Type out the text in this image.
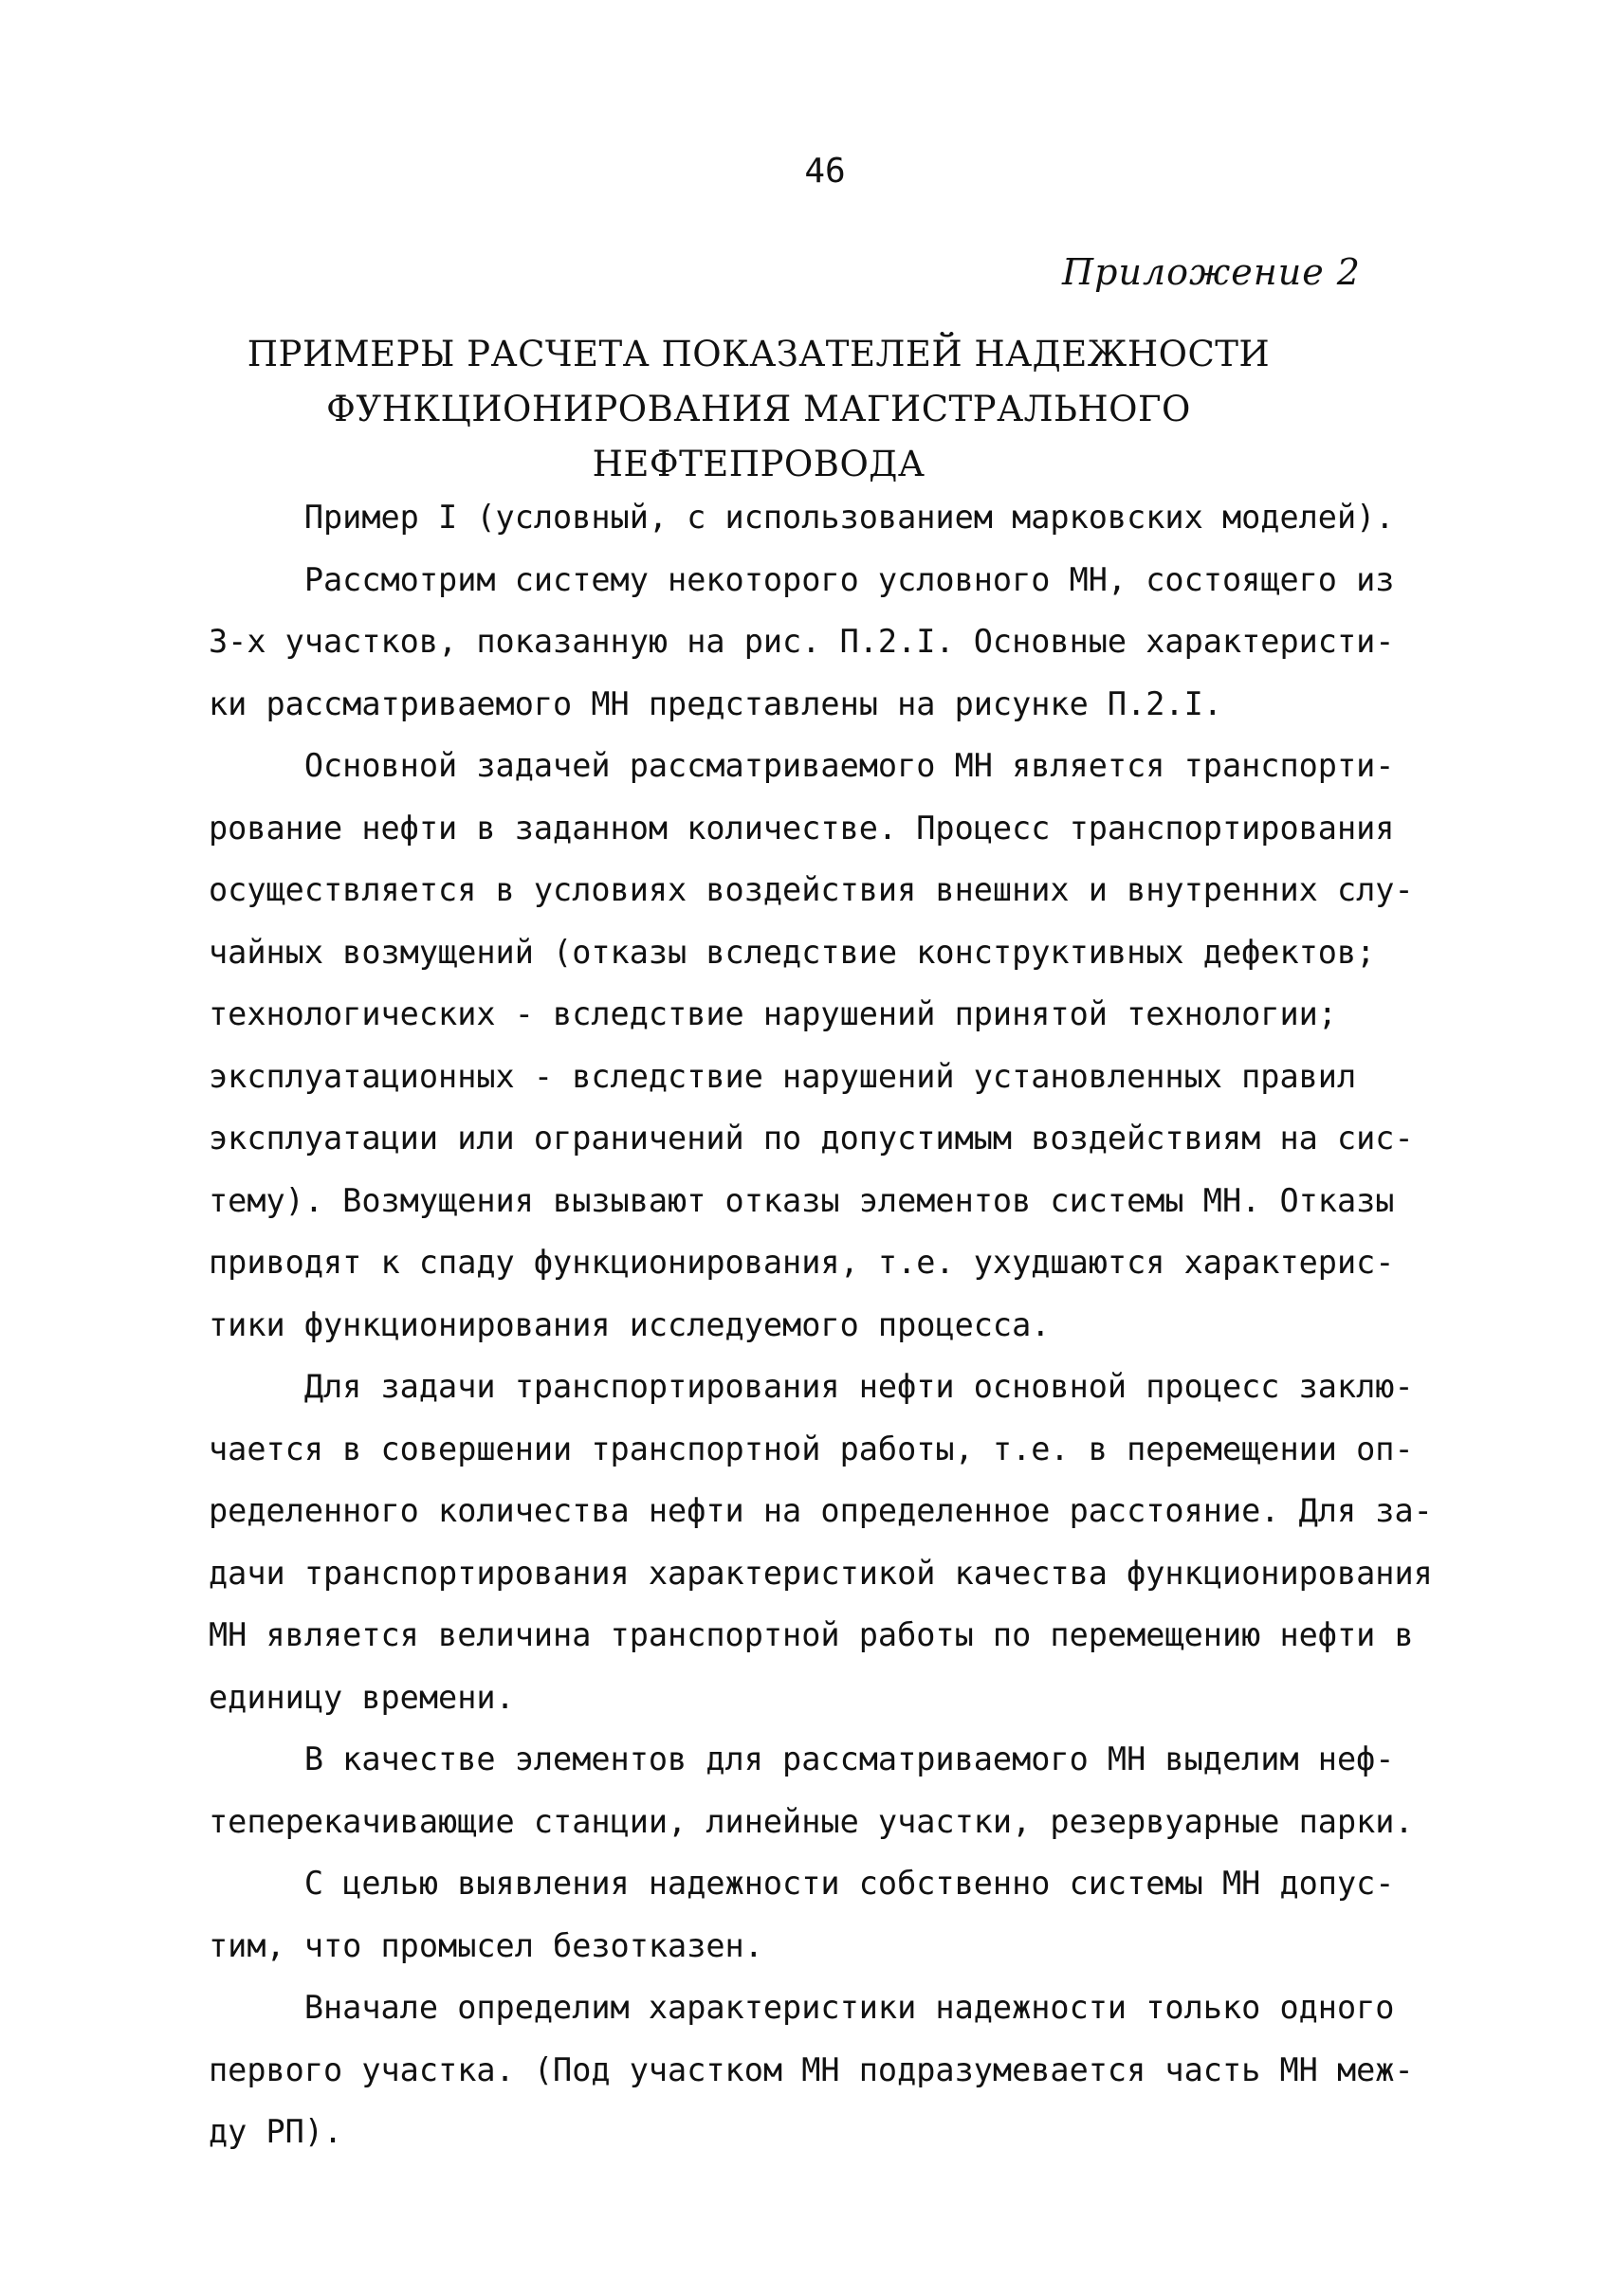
46
Приложение 2
ПРИМЕРЫ РАСЧЕТА ПОКАЗАТЕЛЕЙ НАДЕЖНОСТИ
ФУНКЦИОНИРОВАНИЯ МАГИСТРАЛЬНОГО НЕФТЕПРОВОДА
Пример I (условный, с использованием марковских моделей).
Рассмотрим систему некоторого условного МН, состоящего из
3-х участков, показанную на рис. П.2.I. Основные характеристи-
ки рассматриваемого МН представлены на рисунке П.2.I.
Основной задачей рассматриваемого МН является транспорти-
рование нефти в заданном количестве. Процесс транспортирования
осуществляется в условиях воздействия внешних и внутренних слу-
чайных возмущений (отказы вследствие конструктивных дефектов;
технологических - вследствие нарушений принятой технологии;
эксплуатационных - вследствие нарушений установленных правил
эксплуатации или ограничений по допустимым воздействиям на сис-
тему). Возмущения вызывают отказы элементов системы МН. Отказы
приводят к спаду функционирования, т.е. ухудшаются характерис-
тики функционирования исследуемого процесса.
Для задачи транспортирования нефти основной процесс заклю-
чается в совершении транспортной работы, т.е. в перемещении оп-
ределенного количества нефти на определенное расстояние. Для за-
дачи транспортирования характеристикой качества функционирования
МН является величина транспортной работы по перемещению нефти в
единицу времени.
В качестве элементов для рассматриваемого МН выделим неф-
тeперекачивающие станции, линейные участки, резервуарные парки.
С целью выявления надежности собственно системы МН допус-
тим, что промысел безотказен.
Вначале определим характеристики надежности только одного
первого участка. (Под участком МН подразумевается часть МН меж-
ду РП).
